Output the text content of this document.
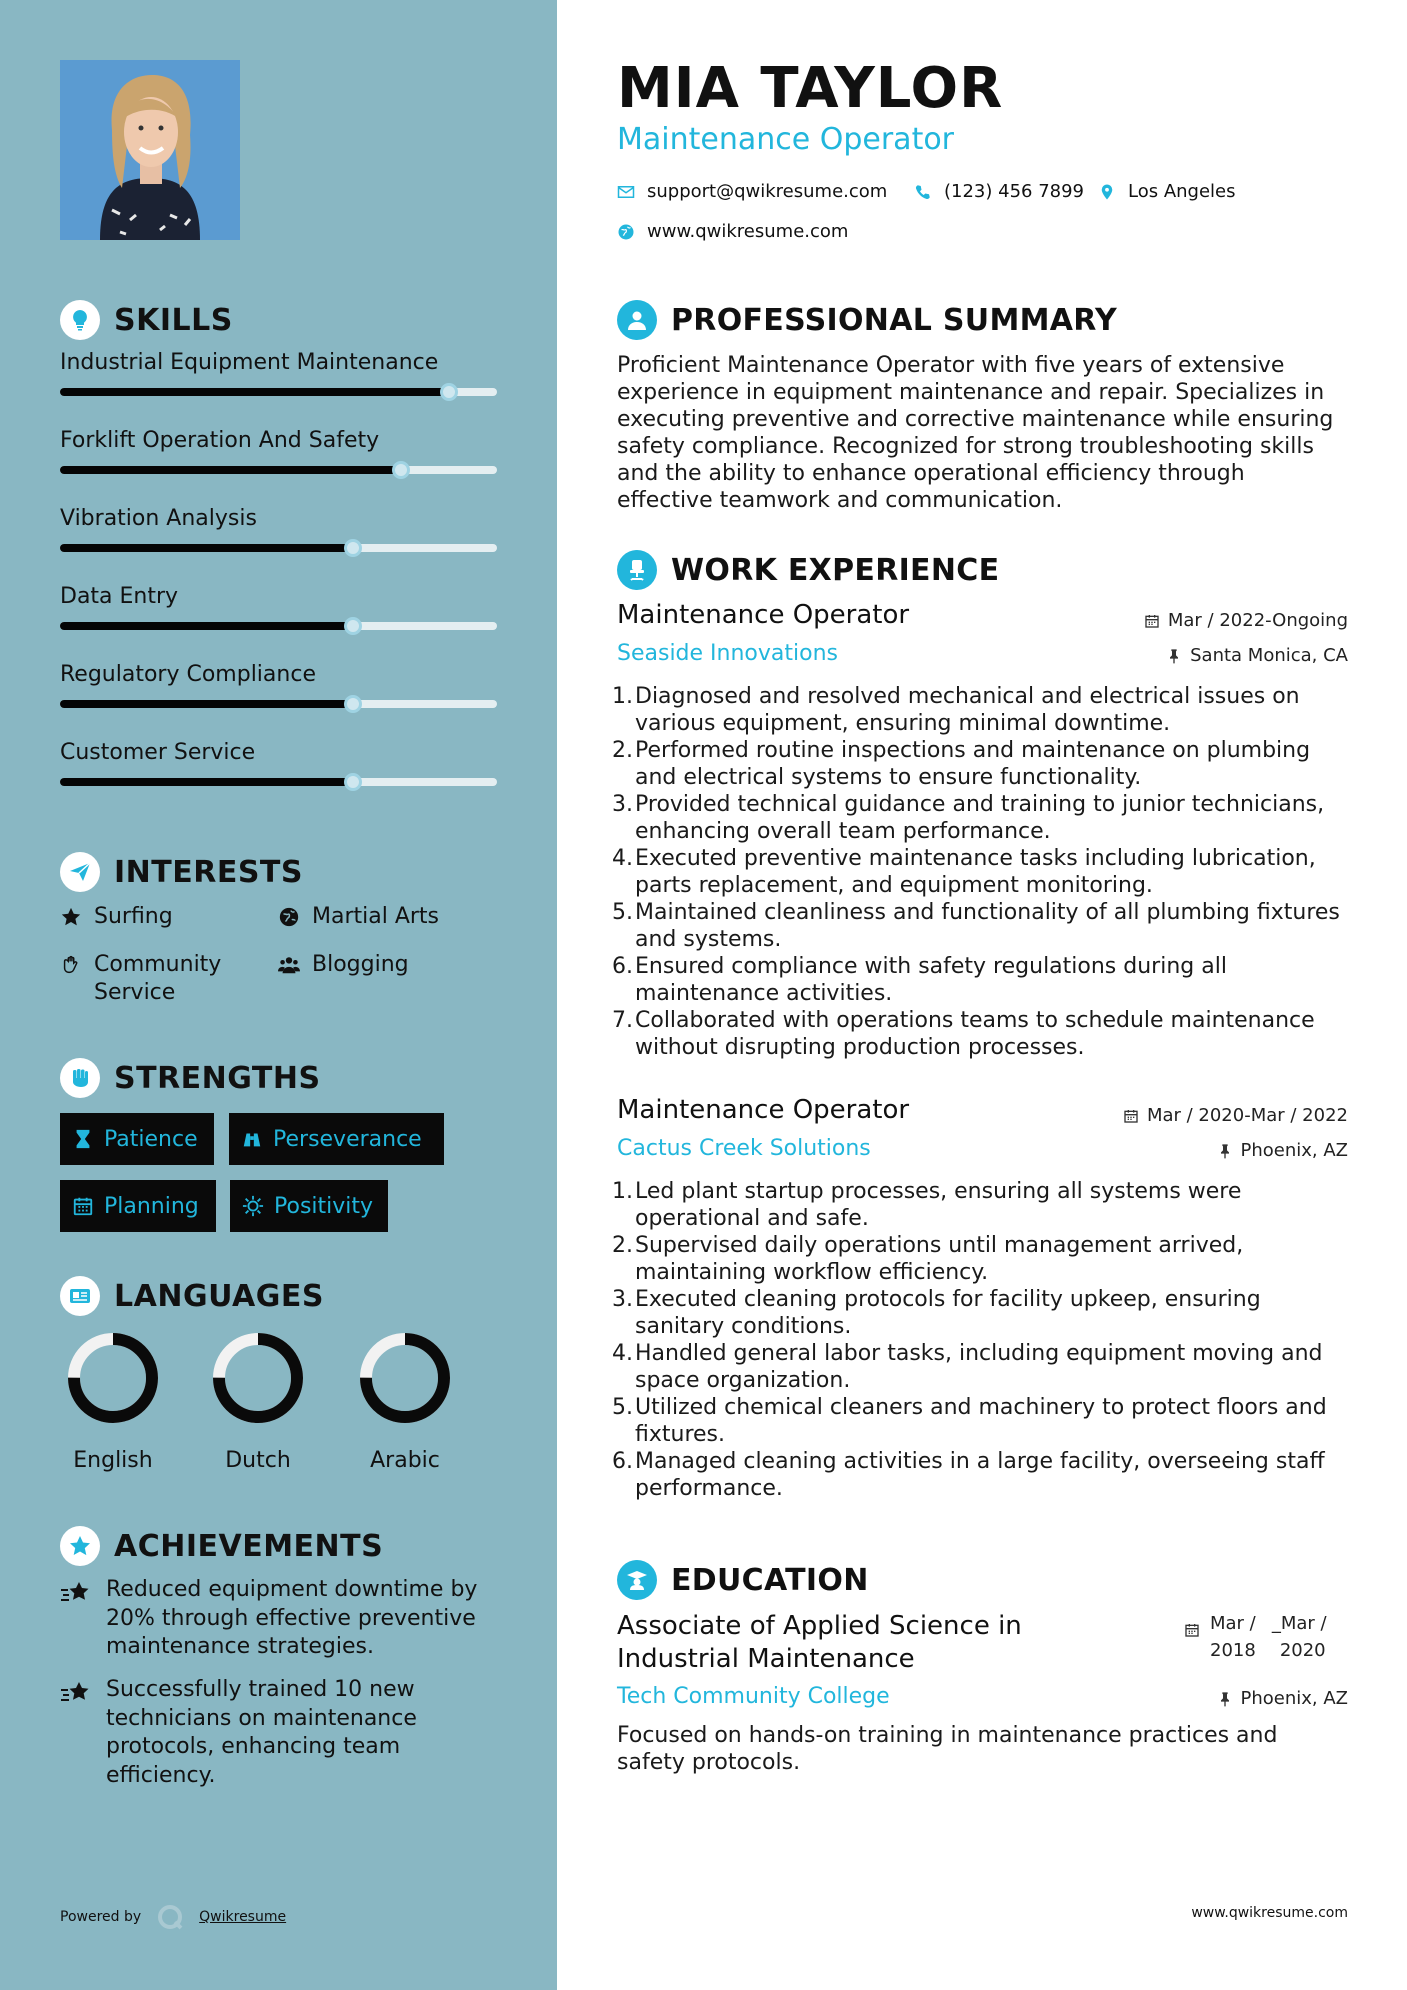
SKILLS
Industrial Equipment Maintenance
Forklift Operation And Safety
Vibration Analysis
Data Entry
Regulatory Compliance
Customer Service
INTERESTS
Surfing	Martial Arts
Community Service
Blogging
STRENGTHS
Patience	Perseverance
Planning	Positivity
LANGUAGES
English	Dutch	Arabic
ACHIEVEMENTS
Reduced equipment downtime by 20% through effective preventive maintenance strategies.
Successfully trained 10 new technicians on maintenance protocols, enhancing team efficiency.
Powered by	Qwikresume
MIA TAYLOR
Maintenance Operator
support@qwikresume.com	(123) 456 7899 Los Angeles
www.qwikresume.com
PROFESSIONAL SUMMARY
Proficient Maintenance Operator with five years of extensive experience in equipment maintenance and repair. Specializes in executing preventive and corrective maintenance while ensuring safety compliance. Recognized for strong troubleshooting skills and the ability to enhance operational efficiency through effective teamwork and communication.
WORK EXPERIENCE
Maintenance Operator	Mar / 2022-Ongoing
Seaside Innovations	Santa Monica, CA
1. Diagnosed and resolved mechanical and electrical issues on various equipment, ensuring minimal downtime.
2. Performed routine inspections and maintenance on plumbing and electrical systems to ensure functionality.
3. Provided technical guidance and training to junior technicians, enhancing overall team performance.
4. Executed preventive maintenance tasks including lubrication, parts replacement, and equipment monitoring.
5. Maintained cleanliness and functionality of all plumbing fixtures and systems.
6. Ensured compliance with safety regulations during all maintenance activities.
7. Collaborated with operations teams to schedule maintenance without disrupting production processes.
Maintenance Operator	Mar / 2020-Mar / 2022
Cactus Creek Solutions	Phoenix, AZ
1. Led plant startup processes, ensuring all systems were operational and safe.
2. Supervised daily operations until management arrived, maintaining workflow efficiency.
3. Executed cleaning protocols for facility upkeep, ensuring sanitary conditions.
4. Handled general labor tasks, including equipment moving and space organization.
5. Utilized chemical cleaners and machinery to protect floors and fixtures.
6. Managed cleaning activities in a large facility, overseeing staff performance.
EDUCATION
Associate of Applied Science in Industrial Maintenance
Mar /
2018
_Mar /
2020
Tech Community College	Phoenix, AZ
Focused on hands-on training in maintenance practices and safety protocols.
www.qwikresume.com
